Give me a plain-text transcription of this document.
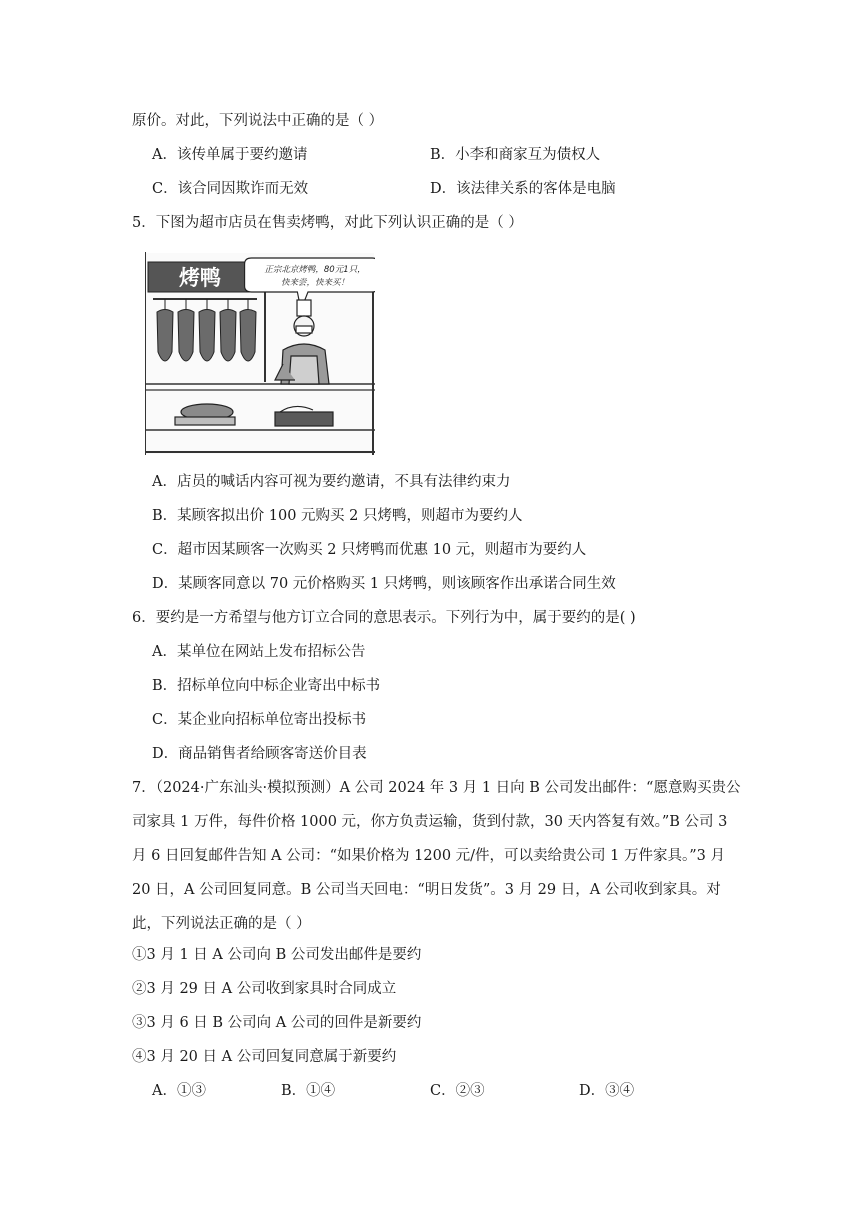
原价。对此，下列说法中正确的是（ ）
A．该传单属于要约邀请	B．小李和商家互为债权人
C．该合同因欺诈而无效	D．该法律关系的客体是电脑
5．下图为超市店员在售卖烤鸭，对此下列认识正确的是（ ）
烤鸭	正宗北京烤鸭，80元1只，
快来尝，快来买！
A．店员的喊话内容可视为要约邀请，不具有法律约束力
B．某顾客拟出价 100 元购买 2 只烤鸭，则超市为要约人
C．超市因某顾客一次购买 2 只烤鸭而优惠 10 元，则超市为要约人
D．某顾客同意以 70 元价格购买 1 只烤鸭，则该顾客作出承诺合同生效
6．要约是一方希望与他方订立合同的意思表示。下列行为中，属于要约的是( )
A．某单位在网站上发布招标公告
B．招标单位向中标企业寄出中标书
C．某企业向招标单位寄出投标书
D．商品销售者给顾客寄送价目表
7．（2024·广东汕头·模拟预测）A 公司 2024 年 3 月 1 日向 B 公司发出邮件：“愿意购买贵公
司家具 1 万件，每件价格 1000 元，你方负责运输，货到付款，30 天内答复有效。”B 公司 3
月 6 日回复邮件告知 A 公司：“如果价格为 1200 元/件，可以卖给贵公司 1 万件家具。”3 月
20 日，A 公司回复同意。B 公司当天回电：“明日发货”。3 月 29 日，A 公司收到家具。对
此，下列说法正确的是（ ）
①3 月 1 日 A 公司向 B 公司发出邮件是要约
②3 月 29 日 A 公司收到家具时合同成立
③3 月 6 日 B 公司向 A 公司的回件是新要约
④3 月 20 日 A 公司回复同意属于新要约
A．①③	B．①④	C．②③	D．③④
